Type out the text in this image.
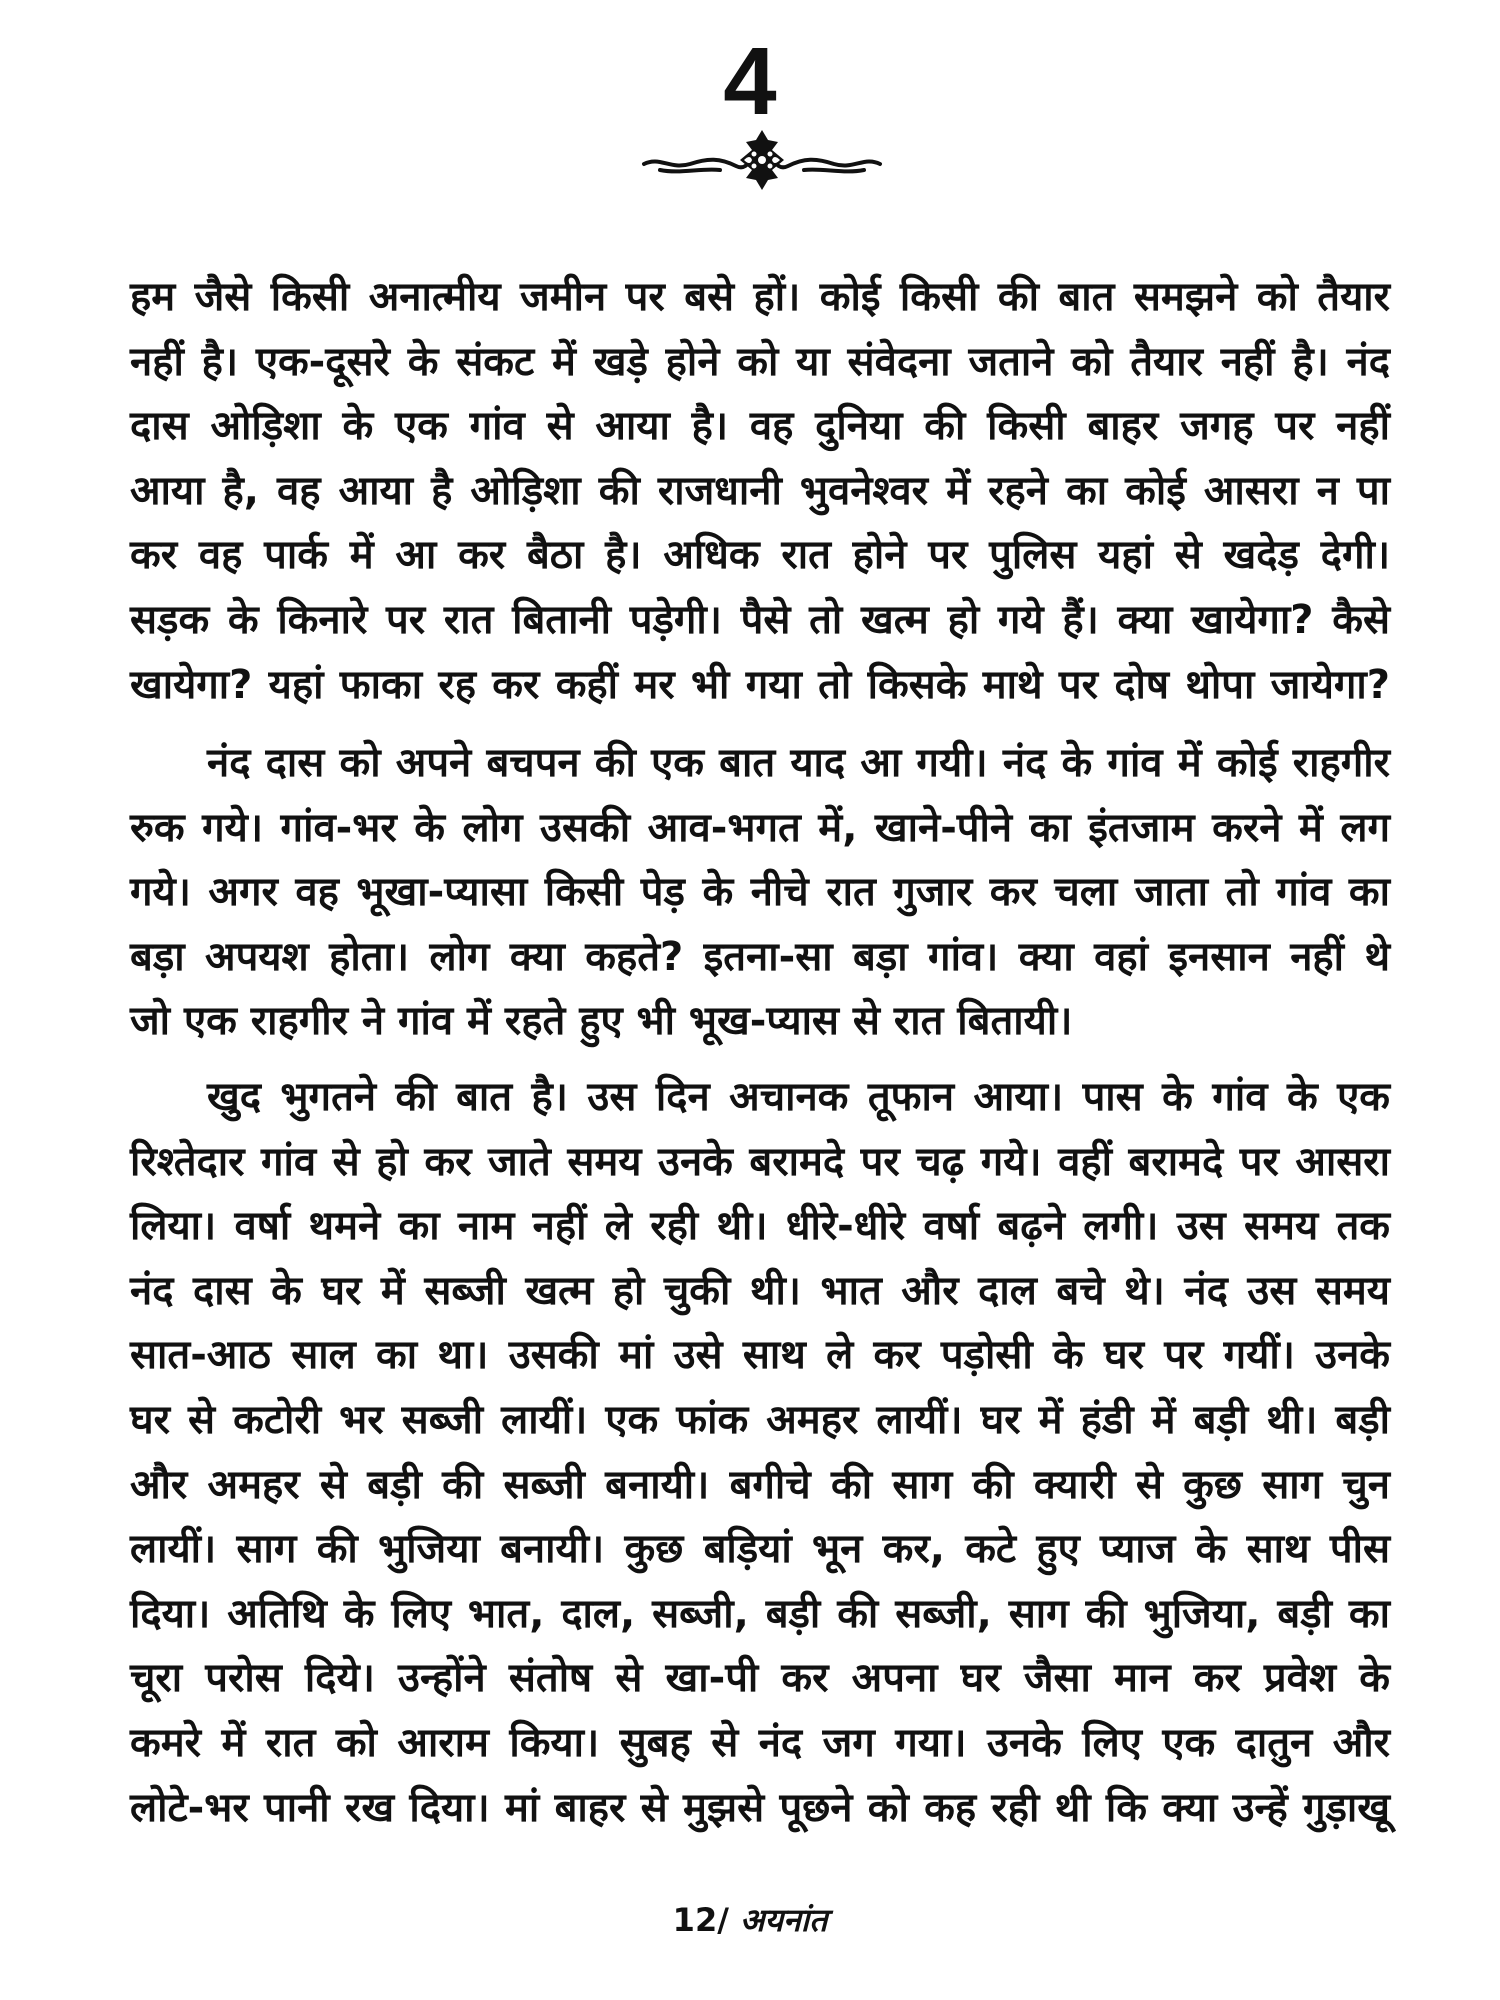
4
हम जैसे किसी अनात्मीय जमीन पर बसे हों। कोई किसी की बात समझने को तैयार
नहीं है। एक-दूसरे के संकट में खड़े होने को या संवेदना जताने को तैयार नहीं है। नंद
दास ओड़िशा के एक गांव से आया है। वह दुनिया की किसी बाहर जगह पर नहीं
आया है, वह आया है ओड़िशा की राजधानी भुवनेश्वर में रहने का कोई आसरा न पा
कर वह पार्क में आ कर बैठा है। अधिक रात होने पर पुलिस यहां से खदेड़ देगी।
सड़क के किनारे पर रात बितानी पड़ेगी। पैसे तो खत्म हो गये हैं। क्या खायेगा? कैसे
खायेगा? यहां फाका रह कर कहीं मर भी गया तो किसके माथे पर दोष थोपा जायेगा?
नंद दास को अपने बचपन की एक बात याद आ गयी। नंद के गांव में कोई राहगीर
रुक गये। गांव-भर के लोग उसकी आव-भगत में, खाने-पीने का इंतजाम करने में लग
गये। अगर वह भूखा-प्यासा किसी पेड़ के नीचे रात गुजार कर चला जाता तो गांव का
बड़ा अपयश होता। लोग क्या कहते? इतना-सा बड़ा गांव। क्या वहां इनसान नहीं थे
जो एक राहगीर ने गांव में रहते हुए भी भूख-प्यास से रात बितायी।
खुद भुगतने की बात है। उस दिन अचानक तूफान आया। पास के गांव के एक
रिश्तेदार गांव से हो कर जाते समय उनके बरामदे पर चढ़ गये। वहीं बरामदे पर आसरा
लिया। वर्षा थमने का नाम नहीं ले रही थी। धीरे-धीरे वर्षा बढ़ने लगी। उस समय तक
नंद दास के घर में सब्जी खत्म हो चुकी थी। भात और दाल बचे थे। नंद उस समय
सात-आठ साल का था। उसकी मां उसे साथ ले कर पड़ोसी के घर पर गयीं। उनके
घर से कटोरी भर सब्जी लायीं। एक फांक अमहर लायीं। घर में हंडी में बड़ी थी। बड़ी
और अमहर से बड़ी की सब्जी बनायी। बगीचे की साग की क्यारी से कुछ साग चुन
लायीं। साग की भुजिया बनायी। कुछ बड़ियां भून कर, कटे हुए प्याज के साथ पीस
दिया। अतिथि के लिए भात, दाल, सब्जी, बड़ी की सब्जी, साग की भुजिया, बड़ी का
चूरा परोस दिये। उन्होंने संतोष से खा-पी कर अपना घर जैसा मान कर प्रवेश के
कमरे में रात को आराम किया। सुबह से नंद जग गया। उनके लिए एक दातुन और
लोटे-भर पानी रख दिया। मां बाहर से मुझसे पूछने को कह रही थी कि क्या उन्हें गुड़ाखू
12/ अयनांत
